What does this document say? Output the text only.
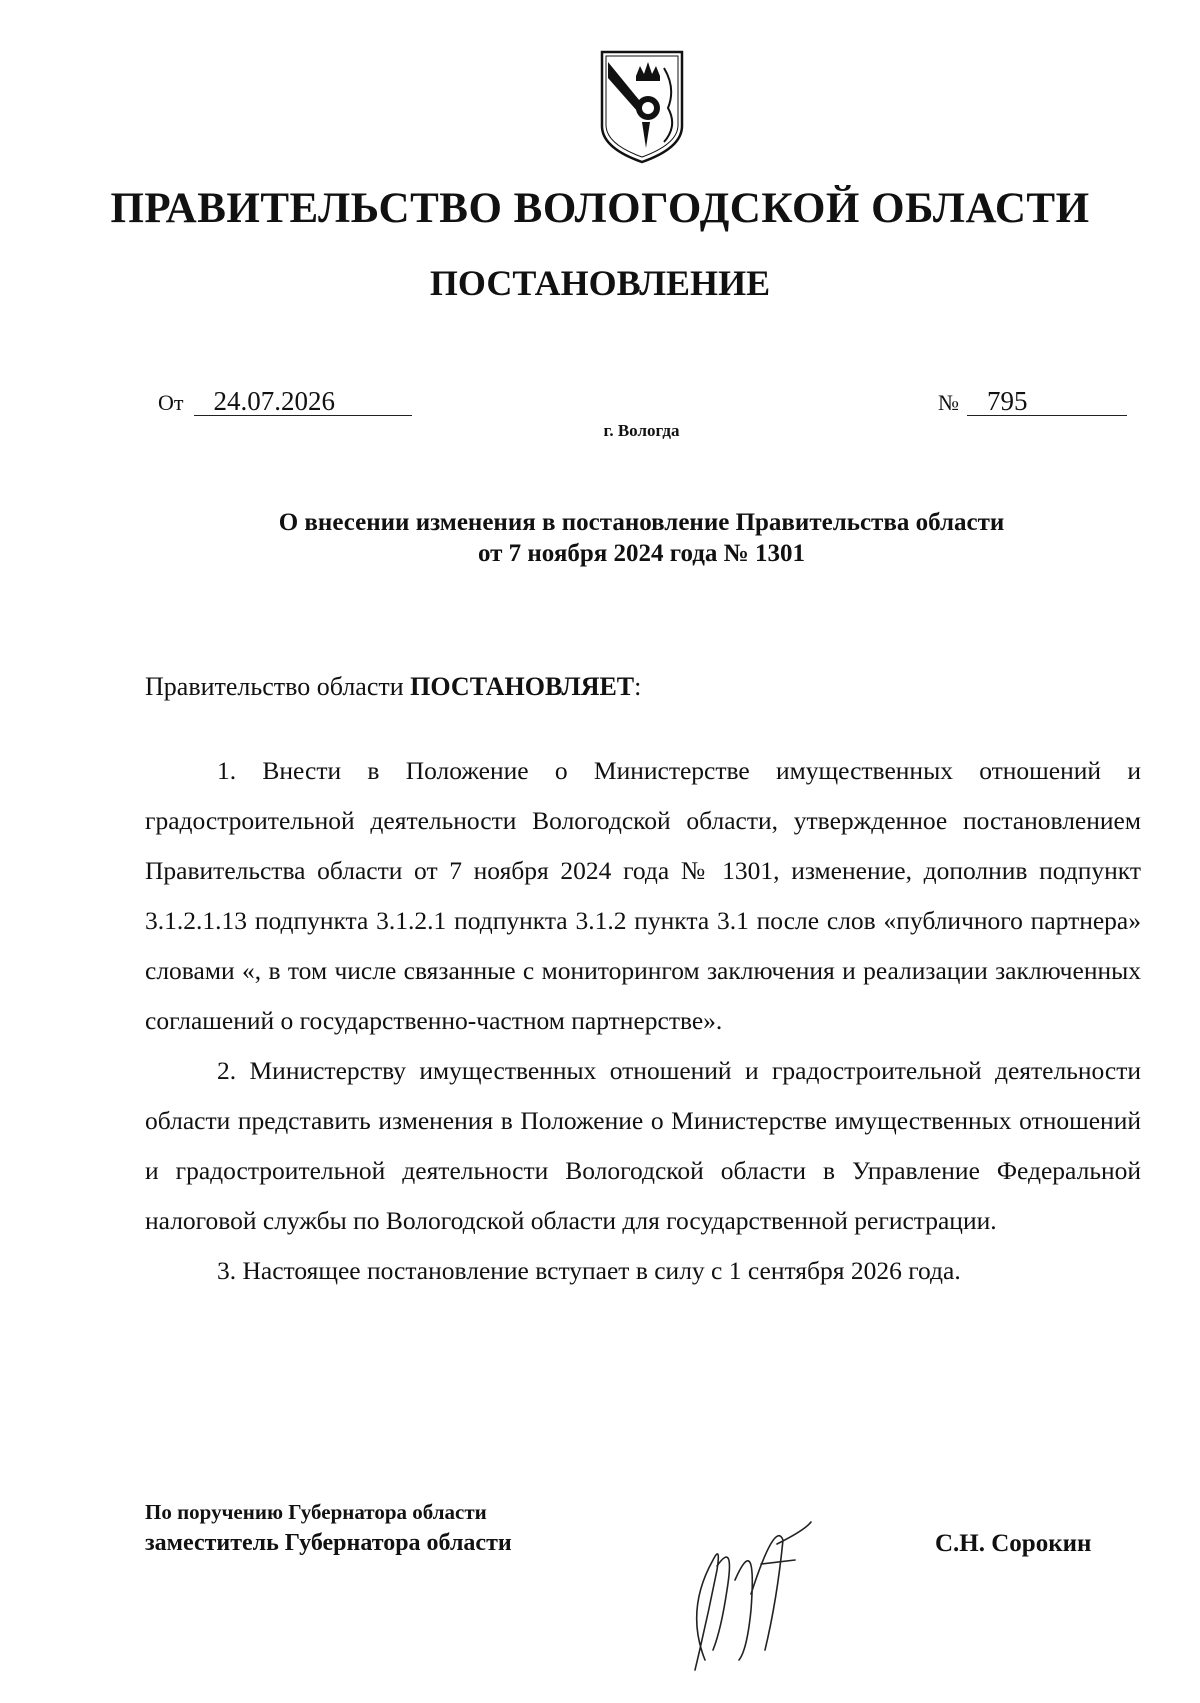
ПРАВИТЕЛЬСТВО ВОЛОГОДСКОЙ ОБЛАСТИ
ПОСТАНОВЛЕНИЕ
От 24.07.2026	№ 795
г. Вологда
О внесении изменения в постановление Правительства области
от 7 ноября 2024 года № 1301

Правительство области ПОСТАНОВЛЯЕТ:

1. Внести в Положение о Министерстве имущественных отношений и градостроительной деятельности Вологодской области, утвержденное постановлением Правительства области от 7 ноября 2024 года № 1301, изменение, дополнив подпункт 3.1.2.1.13 подпункта 3.1.2.1 подпункта 3.1.2 пункта 3.1 после слов «публичного партнера» словами «, в том числе связанные с мониторингом заключения и реализации заключенных соглашений о государственно-частном партнерстве».

2. Министерству имущественных отношений и градостроительной деятельности области представить изменения в Положение о Министерстве имущественных отношений и градостроительной деятельности Вологодской области в Управление Федеральной налоговой службы по Вологодской области для государственной регистрации.

3. Настоящее постановление вступает в силу с 1 сентября 2026 года.

По поручению Губернатора области
заместитель Губернатора области	С.Н. Сорокин
